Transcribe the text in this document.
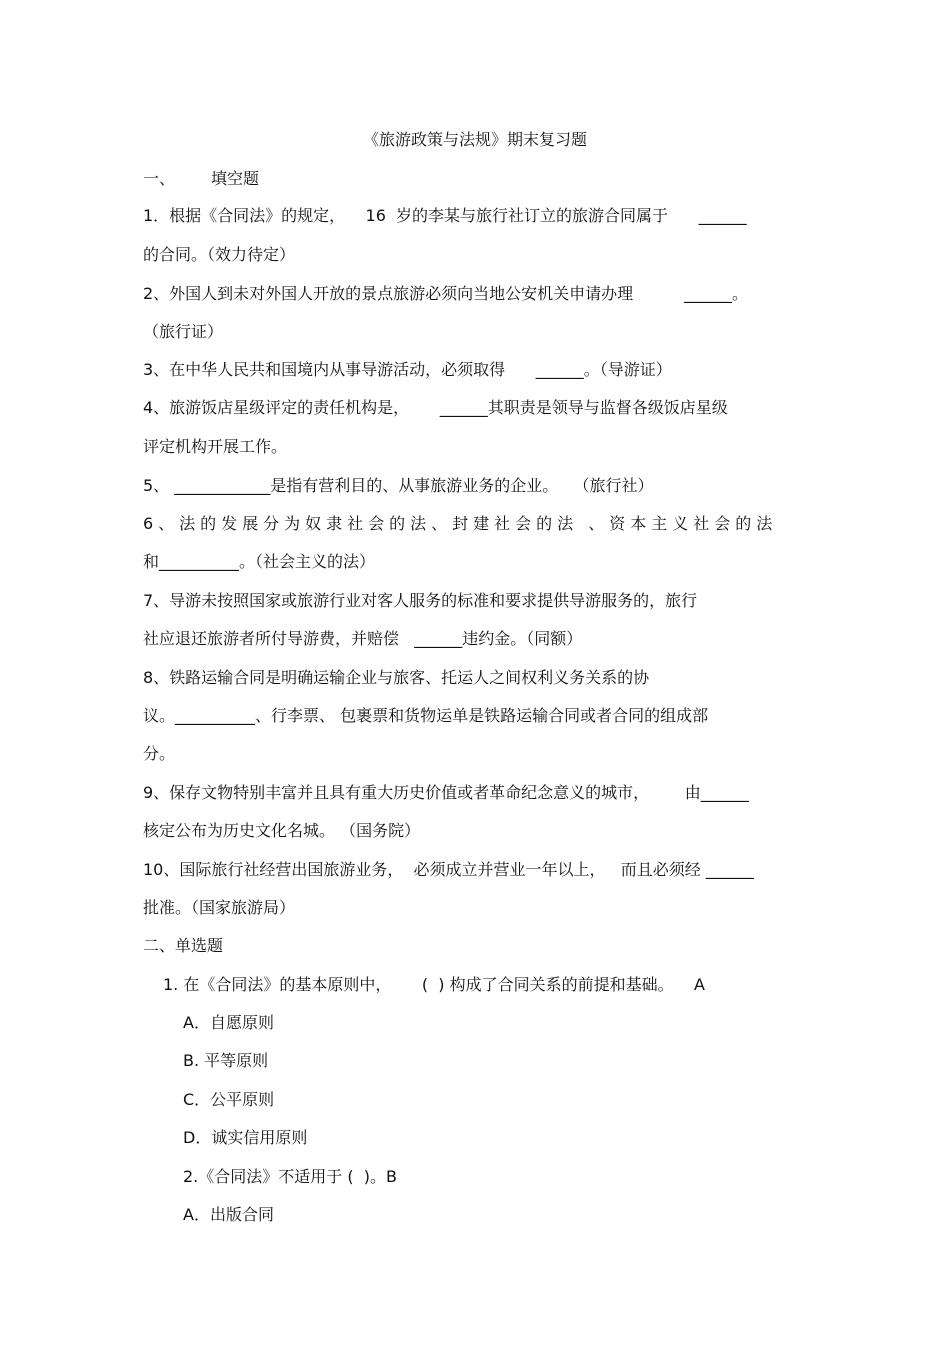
《旅游政策与法规》期末复习题
一、 填空题
1．根据《合同法》的规定，    16  岁的李某与旅行社订立的旅游合同属于      ______
的合同。（效力待定）
2、外国人到未对外国人开放的景点旅游必须向当地公安机关申请办理          ______。
（旅行证）
3、在中华人民共和国境内从事导游活动，必须取得      ______。（导游证）
4、旅游饭店星级评定的责任机构是，      ______其职责是领导与监督各级饭店星级
评定机构开展工作。
5、 ____________是指有营利目的、从事旅游业务的企业。   （旅行社）
6、法的发展分为奴隶社会的法、封建社会的法 、资本主义社会的法
和__________。（社会主义的法）
7、导游未按照国家或旅游行业对客人服务的标准和要求提供导游服务的，旅行
社应退还旅游者所付导游费，并赔偿   ______违约金。（同额）
8、铁路运输合同是明确运输企业与旅客、托运人之间权利义务关系的协
议。__________、行李票、 包裹票和货物运单是铁路运输合同或者合同的组成部
分。
9、保存文物特别丰富并且具有重大历史价值或者革命纪念意义的城市，       由______
核定公布为历史文化名城。 （国务院）
10、国际旅行社经营出国旅游业务，  必须成立并营业一年以上，   而且必须经 ______
批准。（国家旅游局）
二、单选题
1. 在《合同法》的基本原则中，      (  ) 构成了合同关系的前提和基础。    A
A．自愿原则
B. 平等原则
C．公平原则
D．诚实信用原则
2.《合同法》不适用于 (  )。B
A．出版合同
